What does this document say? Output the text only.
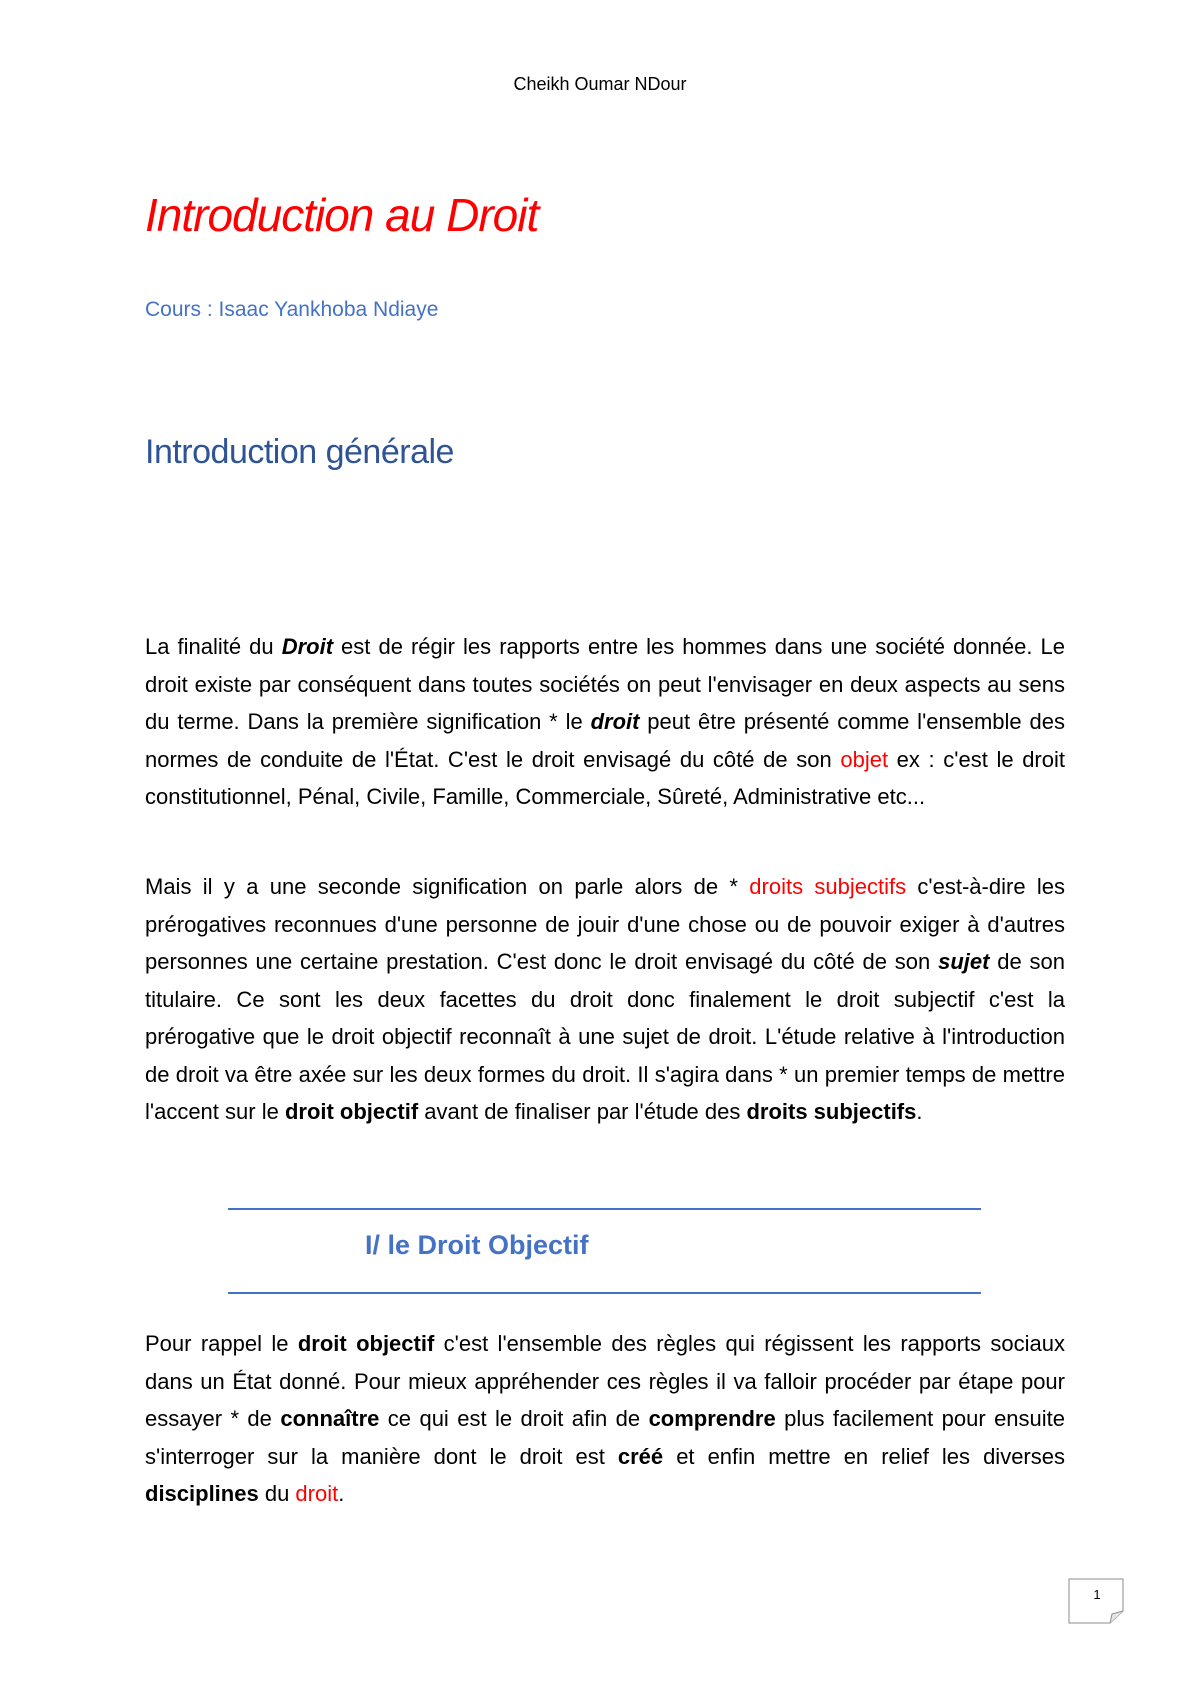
Cheikh Oumar NDour
Introduction au Droit
Cours : Isaac Yankhoba Ndiaye
Introduction générale

La finalité du Droit est de régir les rapports entre les hommes dans une société donnée. Le droit existe par conséquent dans toutes sociétés on peut l'envisager en deux aspects au sens du terme. Dans la première signification * le droit peut être présenté comme l'ensemble des normes de conduite de l'État. C'est le droit envisagé du côté de son objet ex : c'est le droit constitutionnel, Pénal, Civile, Famille, Commerciale, Sûreté, Administrative etc...

Mais il y a une seconde signification on parle alors de * droits subjectifs c'est-à-dire les prérogatives reconnues d'une personne de jouir d'une chose ou de pouvoir exiger à d'autres personnes une certaine prestation. C'est donc le droit envisagé du côté de son sujet de son titulaire. Ce sont les deux facettes du droit donc finalement le droit subjectif c'est la prérogative que le droit objectif reconnaît à une sujet de droit. L'étude relative à l'introduction de droit va être axée sur les deux formes du droit. Il s'agira dans * un premier temps de mettre l'accent sur le droit objectif avant de finaliser par l'étude des droits subjectifs.

I/ le Droit Objectif

Pour rappel le droit objectif c'est l'ensemble des règles qui régissent les rapports sociaux dans un État donné. Pour mieux appréhender ces règles il va falloir procéder par étape pour essayer * de connaître ce qui est le droit afin de comprendre plus facilement pour ensuite s'interroger sur la manière dont le droit est créé et enfin mettre en relief les diverses disciplines du droit.

1
